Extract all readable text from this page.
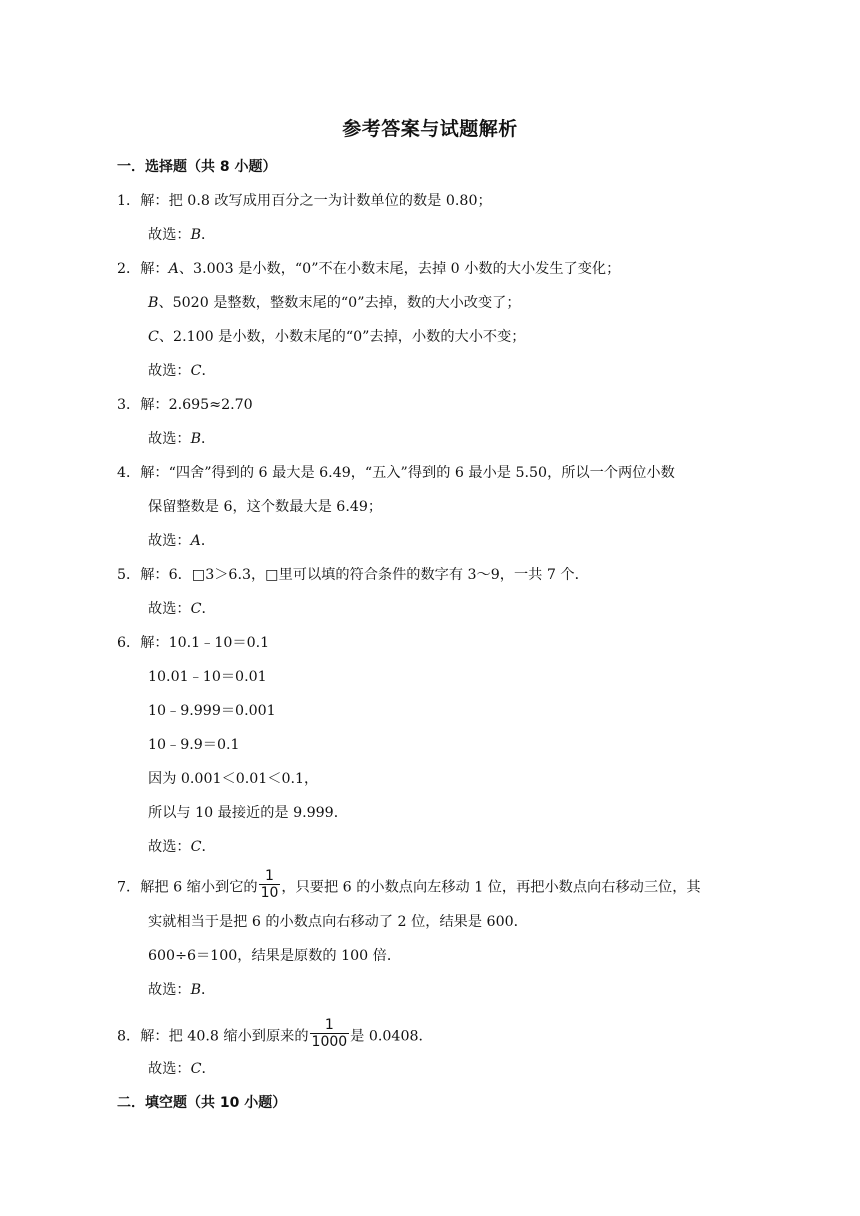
参考答案与试题解析
一．选择题（共 8 小题）
1．解：把 0.8 改写成用百分之一为计数单位的数是 0.80；
故选：B．
2．解：A、3.003 是小数，“0”不在小数末尾，去掉 0 小数的大小发生了变化；
B、5020 是整数，整数末尾的“0”去掉，数的大小改变了；
C、2.100 是小数，小数末尾的“0”去掉，小数的大小不变；
故选：C．
3．解：2.695≈2.70
故选：B．
4．解：“四舍”得到的 6 最大是 6.49，“五入”得到的 6 最小是 5.50，所以一个两位小数
保留整数是 6，这个数最大是 6.49；
故选：A．
5．解：6．□3＞6.3，□里可以填的符合条件的数字有 3～9，一共 7 个．
故选：C．
6．解：10.1﹣10＝0.1
10.01﹣10＝0.01
10﹣9.999＝0.001
10﹣9.9＝0.1
因为 0.001＜0.01＜0.1，
所以与 10 最接近的是 9.999．
故选：C．
7．解把 6 缩小到它的 $\frac{1}{10}$ ，只要把 6 的小数点向左移动 1 位，再把小数点向右移动三位，其
实就相当于是把 6 的小数点向右移动了 2 位，结果是 600．
600÷6＝100，结果是原数的 100 倍．
故选：B．
8．解：把 40.8 缩小到原来的 $\frac{1}{1000}$ 是 0.0408．
故选：C．
二．填空题（共 10 小题）
